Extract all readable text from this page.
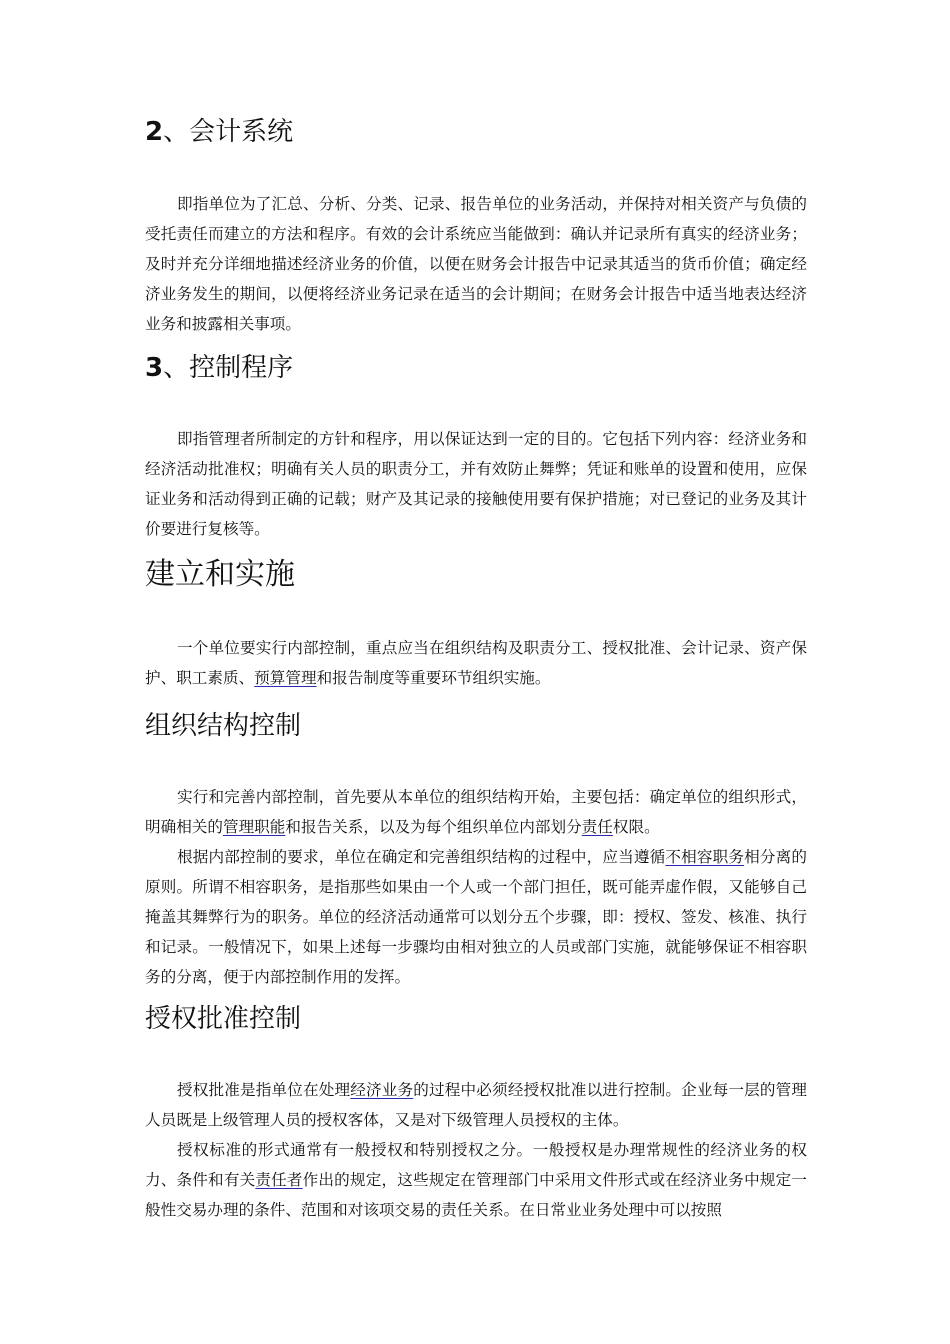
2、会计系统

即指单位为了汇总、分析、分类、记录、报告单位的业务活动，并保持对相关资产与负债的受托责任而建立的方法和程序。有效的会计系统应当能做到：确认并记录所有真实的经济业务；及时并充分详细地描述经济业务的价值，以便在财务会计报告中记录其适当的货币价值；确定经济业务发生的期间，以便将经济业务记录在适当的会计期间；在财务会计报告中适当地表达经济业务和披露相关事项。

3、控制程序

即指管理者所制定的方针和程序，用以保证达到一定的目的。它包括下列内容：经济业务和经济活动批准权；明确有关人员的职责分工，并有效防止舞弊；凭证和账单的设置和使用，应保证业务和活动得到正确的记载；财产及其记录的接触使用要有保护措施；对已登记的业务及其计价要进行复核等。

建立和实施

一个单位要实行内部控制，重点应当在组织结构及职责分工、授权批准、会计记录、资产保护、职工素质、预算管理和报告制度等重要环节组织实施。

组织结构控制

实行和完善内部控制，首先要从本单位的组织结构开始，主要包括：确定单位的组织形式，明确相关的管理职能和报告关系，以及为每个组织单位内部划分责任权限。

根据内部控制的要求，单位在确定和完善组织结构的过程中，应当遵循不相容职务相分离的原则。所谓不相容职务，是指那些如果由一个人或一个部门担任，既可能弄虚作假，又能够自己掩盖其舞弊行为的职务。单位的经济活动通常可以划分五个步骤，即：授权、签发、核准、执行和记录。一般情况下，如果上述每一步骤均由相对独立的人员或部门实施，就能够保证不相容职务的分离，便于内部控制作用的发挥。

授权批准控制

授权批准是指单位在处理经济业务的过程中必须经授权批准以进行控制。企业每一层的管理人员既是上级管理人员的授权客体，又是对下级管理人员授权的主体。

授权标准的形式通常有一般授权和特别授权之分。一般授权是办理常规性的经济业务的权力、条件和有关责任者作出的规定，这些规定在管理部门中采用文件形式或在经济业务中规定一般性交易办理的条件、范围和对该项交易的责任关系。在日常业业务处理中可以按照
